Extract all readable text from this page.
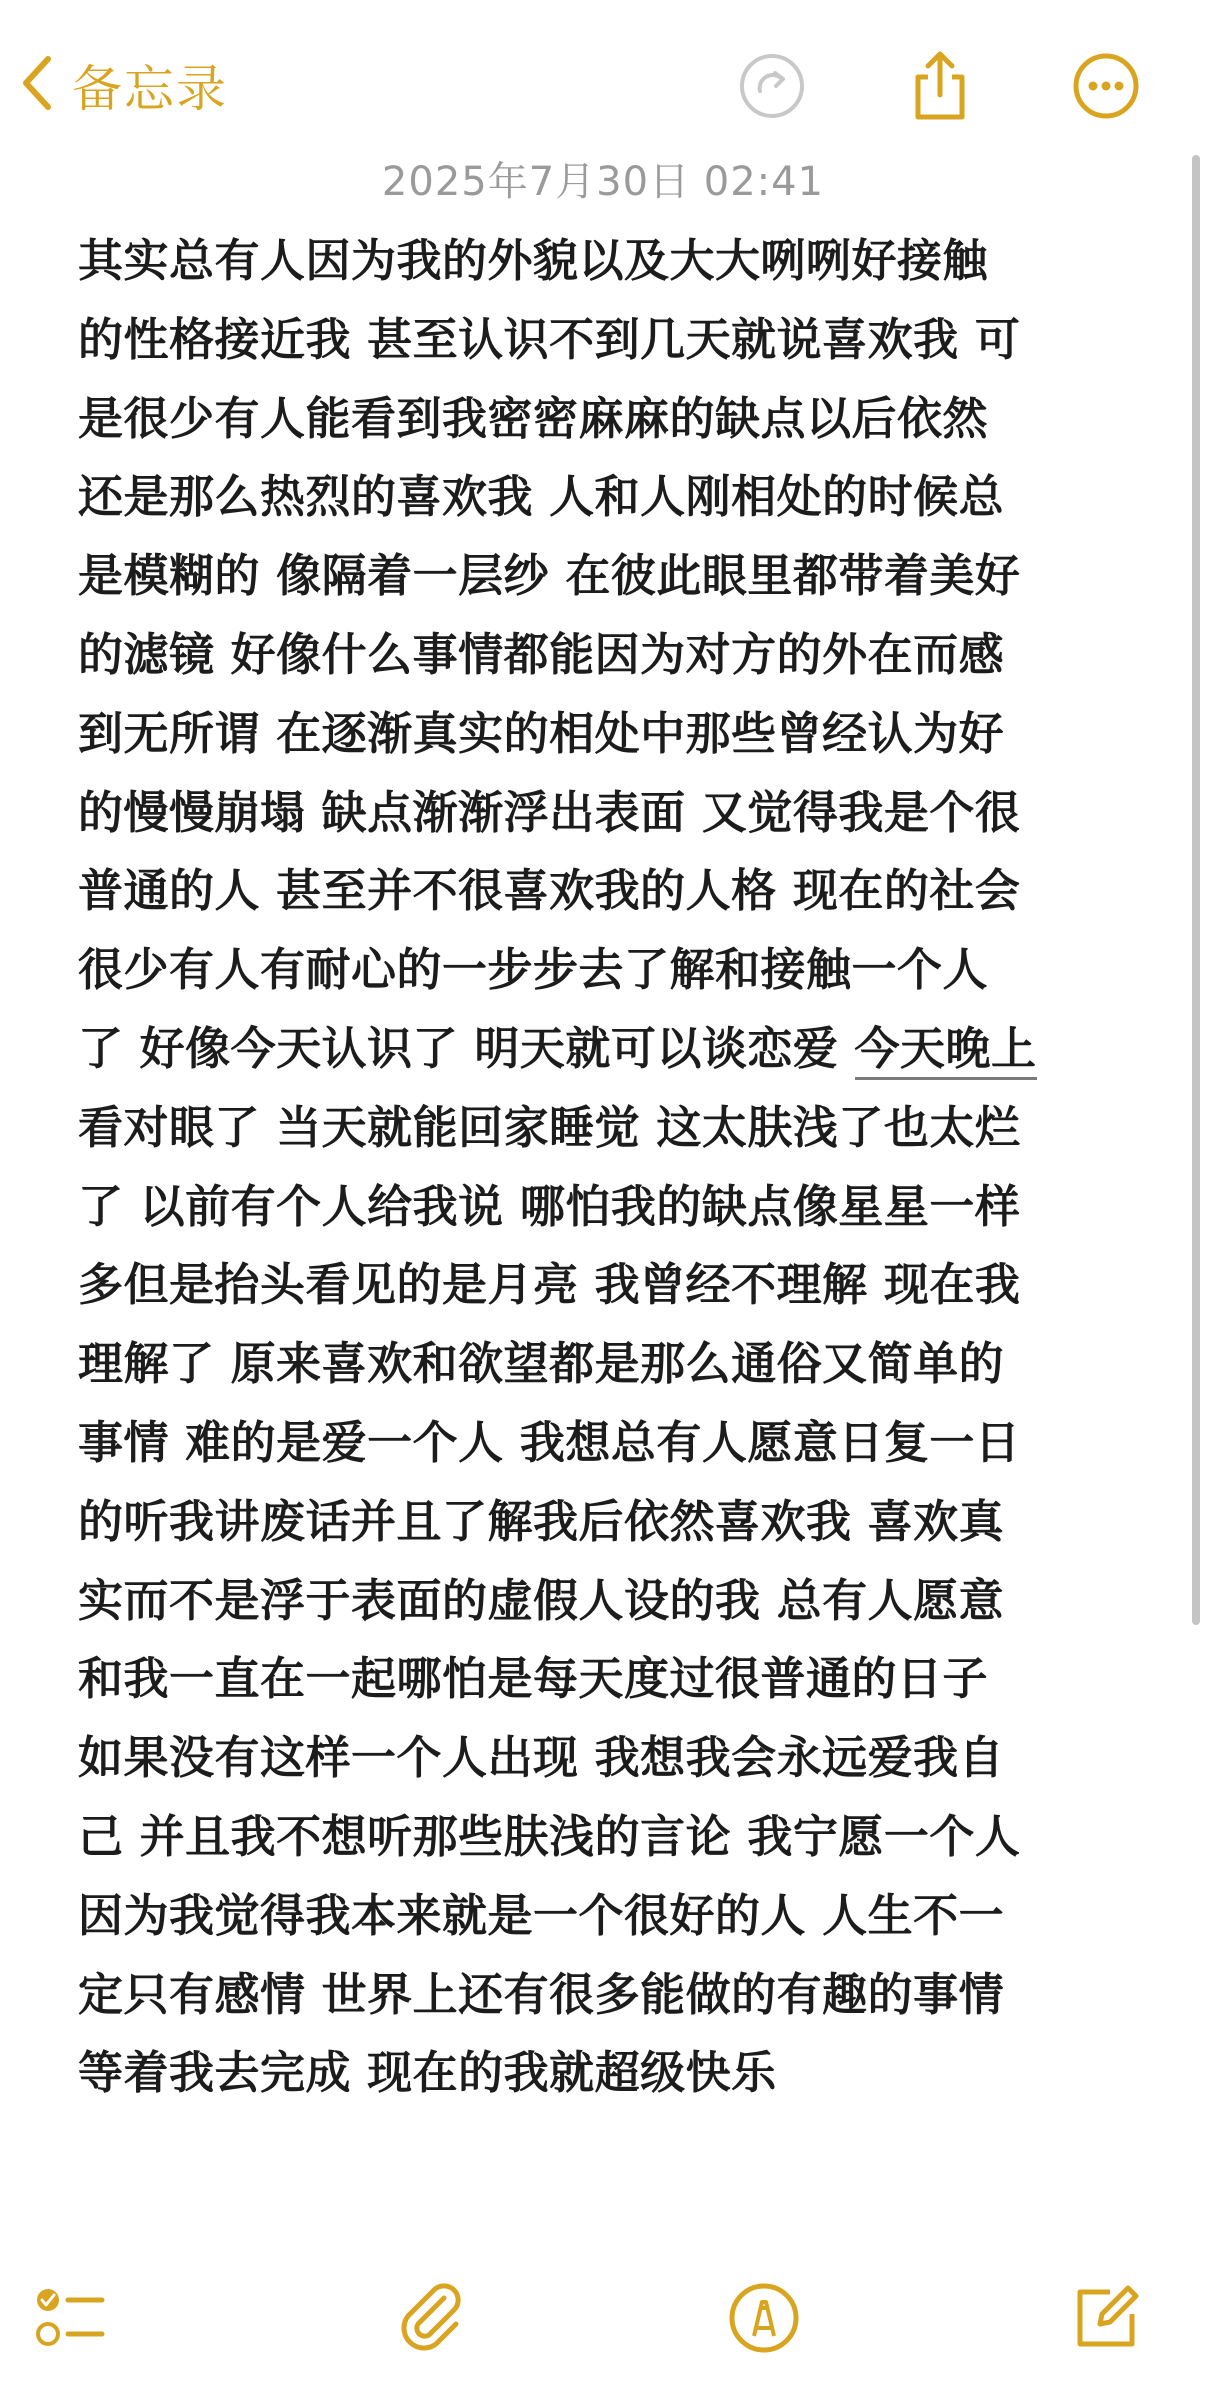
备忘录
2025年7月30日 02:41
其实总有人因为我的外貌以及大大咧咧好接触
的性格接近我 甚至认识不到几天就说喜欢我 可
是很少有人能看到我密密麻麻的缺点以后依然
还是那么热烈的喜欢我 人和人刚相处的时候总
是模糊的 像隔着一层纱 在彼此眼里都带着美好
的滤镜 好像什么事情都能因为对方的外在而感
到无所谓 在逐渐真实的相处中那些曾经认为好
的慢慢崩塌 缺点渐渐浮出表面 又觉得我是个很
普通的人 甚至并不很喜欢我的人格 现在的社会
很少有人有耐心的一步步去了解和接触一个人
了 好像今天认识了 明天就可以谈恋爱 今天晚上
看对眼了 当天就能回家睡觉 这太肤浅了也太烂
了 以前有个人给我说 哪怕我的缺点像星星一样
多但是抬头看见的是月亮 我曾经不理解 现在我
理解了 原来喜欢和欲望都是那么通俗又简单的
事情 难的是爱一个人 我想总有人愿意日复一日
的听我讲废话并且了解我后依然喜欢我 喜欢真
实而不是浮于表面的虚假人设的我 总有人愿意
和我一直在一起哪怕是每天度过很普通的日子
如果没有这样一个人出现 我想我会永远爱我自
己 并且我不想听那些肤浅的言论 我宁愿一个人
因为我觉得我本来就是一个很好的人 人生不一
定只有感情 世界上还有很多能做的有趣的事情
等着我去完成 现在的我就超级快乐
